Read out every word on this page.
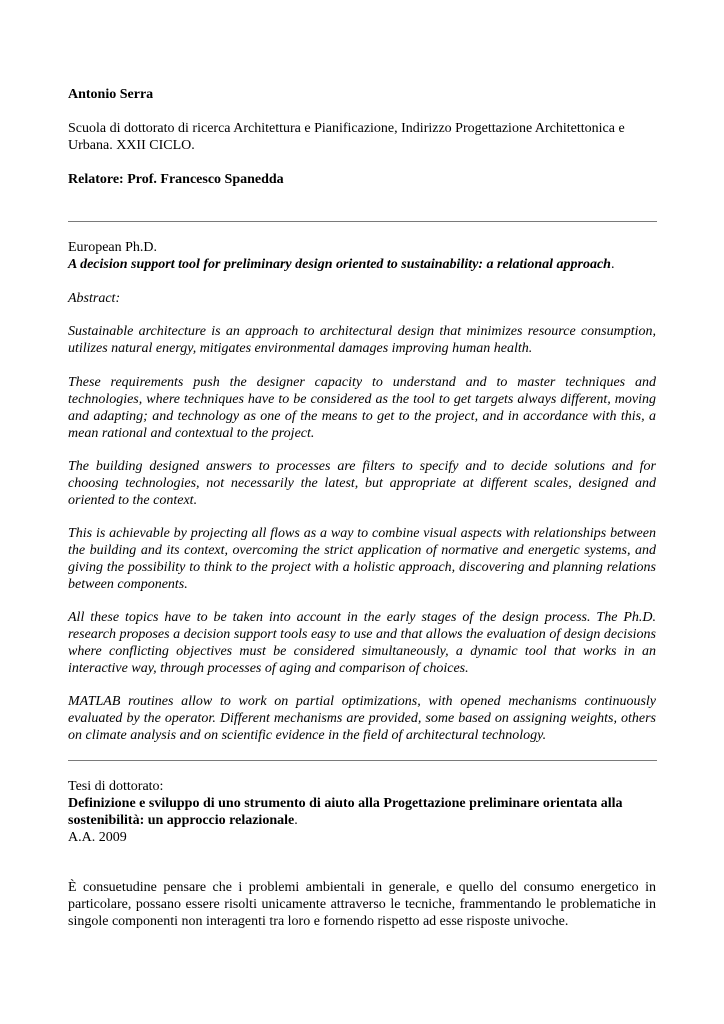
Antonio Serra

Scuola di dottorato di ricerca Architettura e Pianificazione, Indirizzo Progettazione Architettonica e Urbana. XXII CICLO.

Relatore: Prof. Francesco Spanedda

European Ph.D.

A decision support tool for preliminary design oriented to sustainability: a relational approach.

Abstract:

Sustainable architecture is an approach to architectural design that minimizes resource consumption, utilizes natural energy, mitigates environmental damages improving human health.

These requirements push the designer capacity to understand and to master techniques and technologies, where techniques have to be considered as the tool to get targets always different, moving and adapting; and technology as one of the means to get to the project, and in accordance with this, a mean rational and contextual to the project.

The building designed answers to processes are filters to specify and to decide solutions and for choosing technologies, not necessarily the latest, but appropriate at different scales, designed and oriented to the context.

This is achievable by projecting all flows as a way to combine visual aspects with relationships between the building and its context, overcoming the strict application of normative and energetic systems, and giving the possibility to think to the project with a holistic approach, discovering and planning relations between components.

All these topics have to be taken into account in the early stages of the design process. The Ph.D. research proposes a decision support tools easy to use and that allows the evaluation of design decisions where conflicting objectives must be considered simultaneously, a dynamic tool that works in an interactive way, through processes of aging and comparison of choices.

MATLAB routines allow to work on partial optimizations, with opened mechanisms continuously evaluated by the operator. Different mechanisms are provided, some based on assigning weights, others on climate analysis and on scientific evidence in the field of architectural technology.

Tesi di dottorato:

Definizione e sviluppo di uno strumento di aiuto alla Progettazione preliminare orientata alla sostenibilità: un approccio relazionale.

A.A. 2009

È consuetudine pensare che i problemi ambientali in generale, e quello del consumo energetico in particolare, possano essere risolti unicamente attraverso le tecniche, frammentando le problematiche in singole componenti non interagenti tra loro e fornendo rispetto ad esse risposte univoche.
